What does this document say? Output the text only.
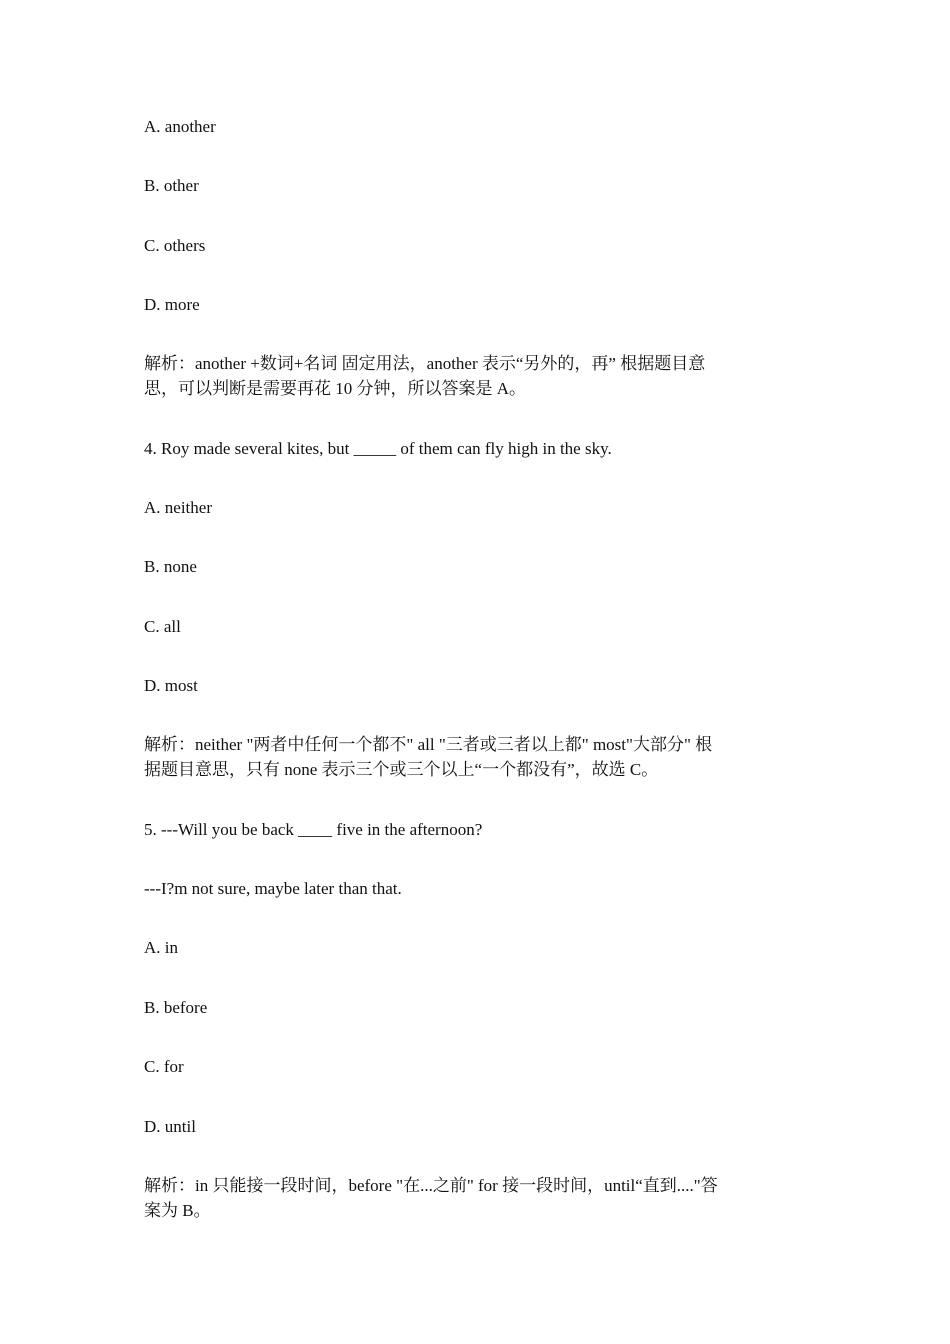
A. another
B. other
C. others
D. more
解析：another +数词+名词 固定用法，another 表示“另外的，再” 根据题目意
思，可以判断是需要再花 10 分钟，所以答案是 A。
4. Roy made several kites, but _____ of them can fly high in the sky.
A. neither
B. none
C. all
D. most
解析：neither "两者中任何一个都不" all "三者或三者以上都" most"大部分" 根
据题目意思，只有 none 表示三个或三个以上“一个都没有”，故选 C。
5. ---Will you be back ____ five in the afternoon?
---I?m not sure, maybe later than that.
A. in
B. before
C. for
D. until
解析：in 只能接一段时间，before "在...之前" for 接一段时间，until“直到...."答
案为 B。
